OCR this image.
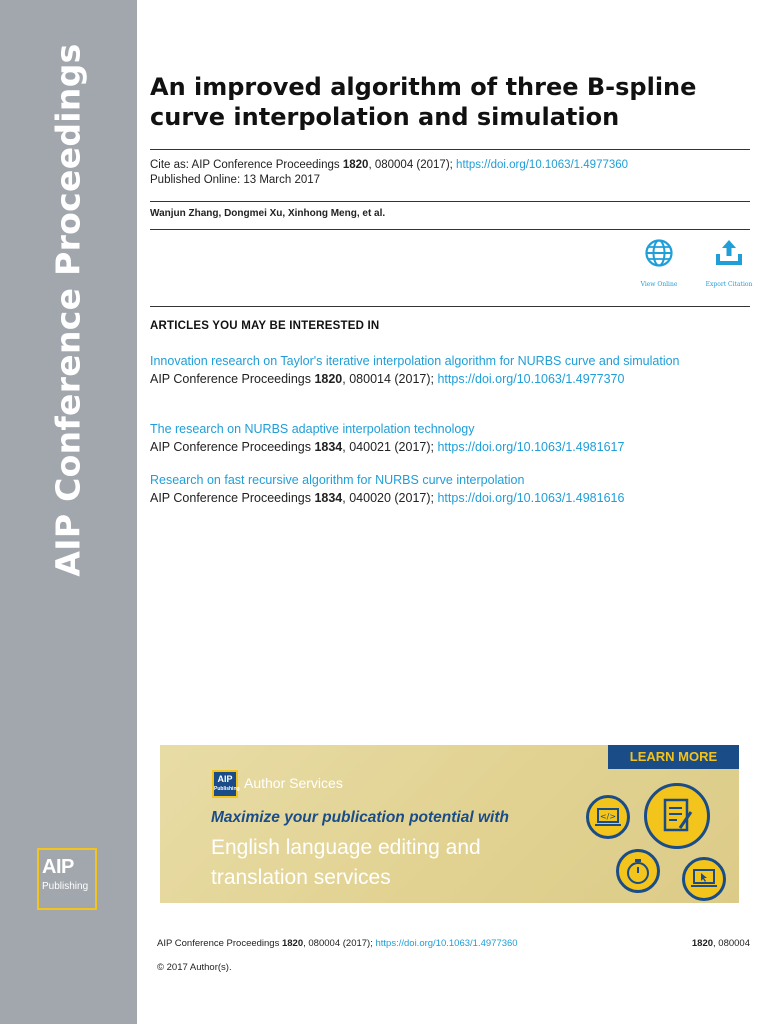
AIP Conference Proceedings
AIP
Publishing
An improved algorithm of three B-spline curve interpolation and simulation
Cite as: AIP Conference Proceedings 1820, 080004 (2017); https://doi.org/10.1063/1.4977360
Published Online: 13 March 2017
Wanjun Zhang, Dongmei Xu, Xinhong Meng, et al.
View Online	Export Citation
ARTICLES YOU MAY BE INTERESTED IN
Innovation research on Taylor's iterative interpolation algorithm for NURBS curve and simulation
AIP Conference Proceedings 1820, 080014 (2017); https://doi.org/10.1063/1.4977370
The research on NURBS adaptive interpolation technology
AIP Conference Proceedings 1834, 040021 (2017); https://doi.org/10.1063/1.4981617
Research on fast recursive algorithm for NURBS curve interpolation
AIP Conference Proceedings 1834, 040020 (2017); https://doi.org/10.1063/1.4981616
LEARN MORE
AIP
Publishing Author Services
Maximize your publication potential with
English language editing and translation services
</>
AIP Conference Proceedings 1820, 080004 (2017); https://doi.org/10.1063/1.4977360	1820, 080004
© 2017 Author(s).
